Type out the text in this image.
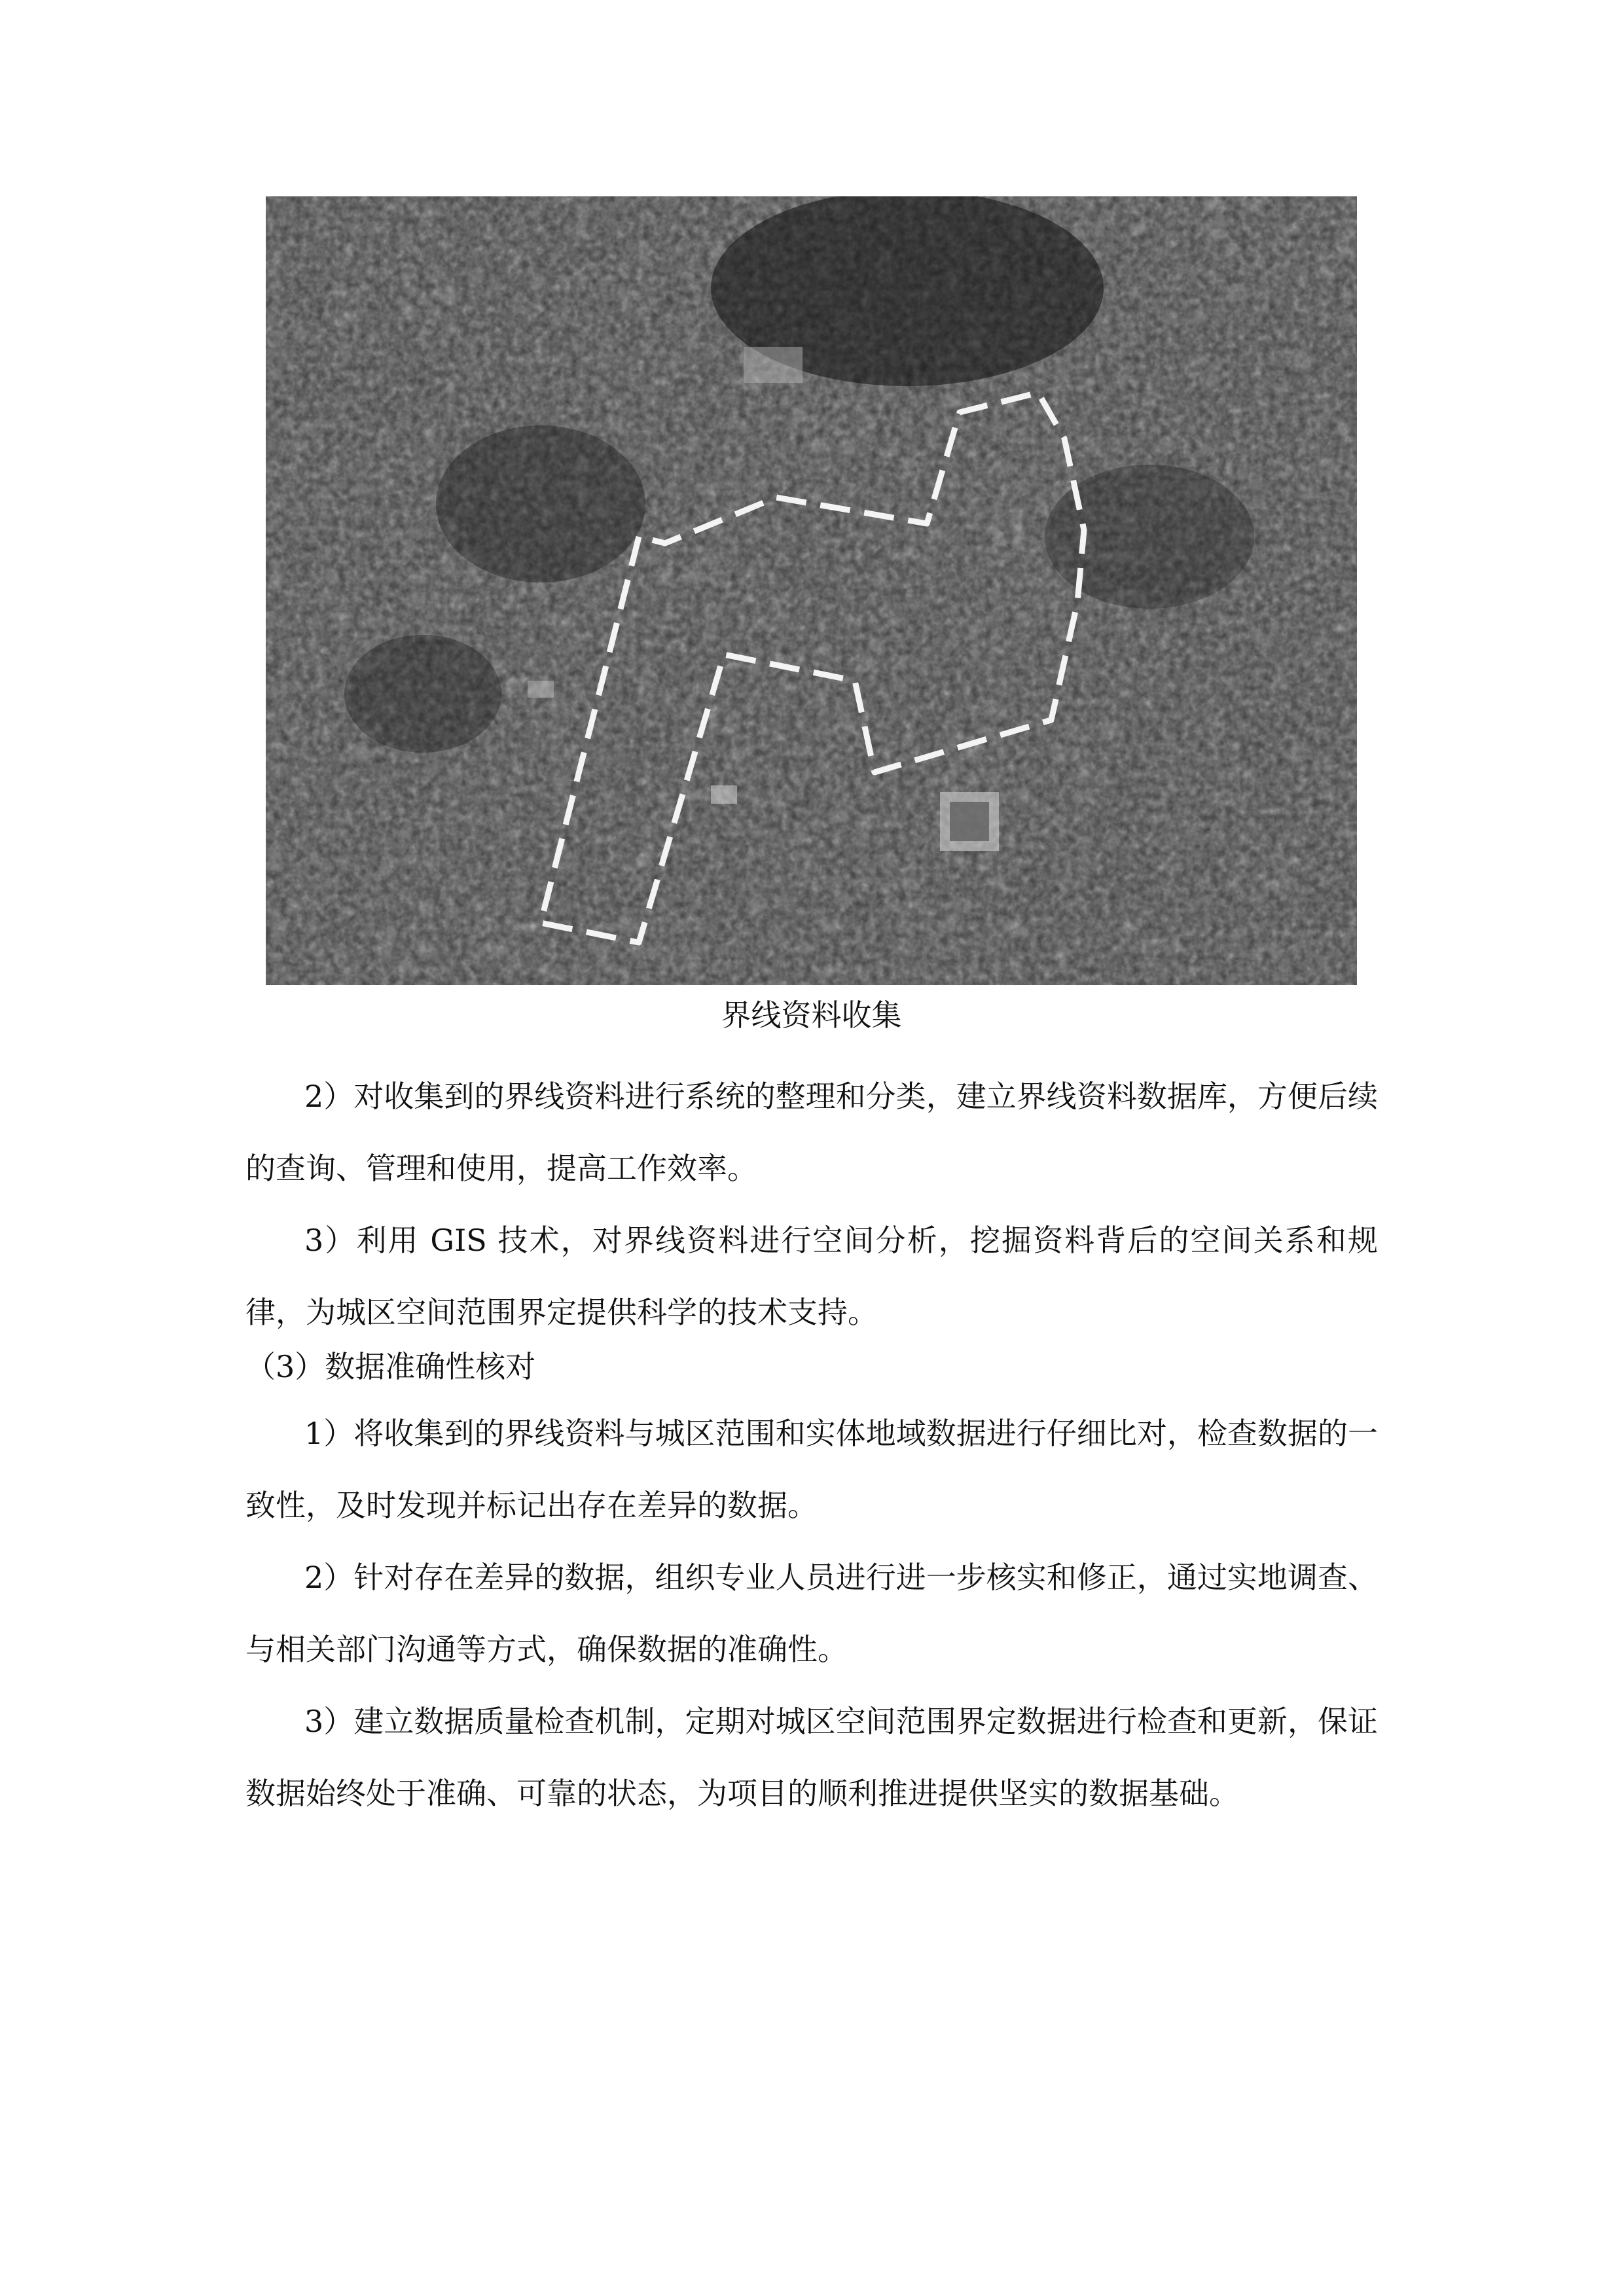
界线资料收集

2）对收集到的界线资料进行系统的整理和分类，建立界线资料数据库，方便后续的查询、管理和使用，提高工作效率。

3）利用 GIS 技术，对界线资料进行空间分析，挖掘资料背后的空间关系和规律，为城区空间范围界定提供科学的技术支持。

（3）数据准确性核对

1）将收集到的界线资料与城区范围和实体地域数据进行仔细比对，检查数据的一致性，及时发现并标记出存在差异的数据。

2）针对存在差异的数据，组织专业人员进行进一步核实和修正，通过实地调查、与相关部门沟通等方式，确保数据的准确性。

3）建立数据质量检查机制，定期对城区空间范围界定数据进行检查和更新，保证数据始终处于准确、可靠的状态，为项目的顺利推进提供坚实的数据基础。
